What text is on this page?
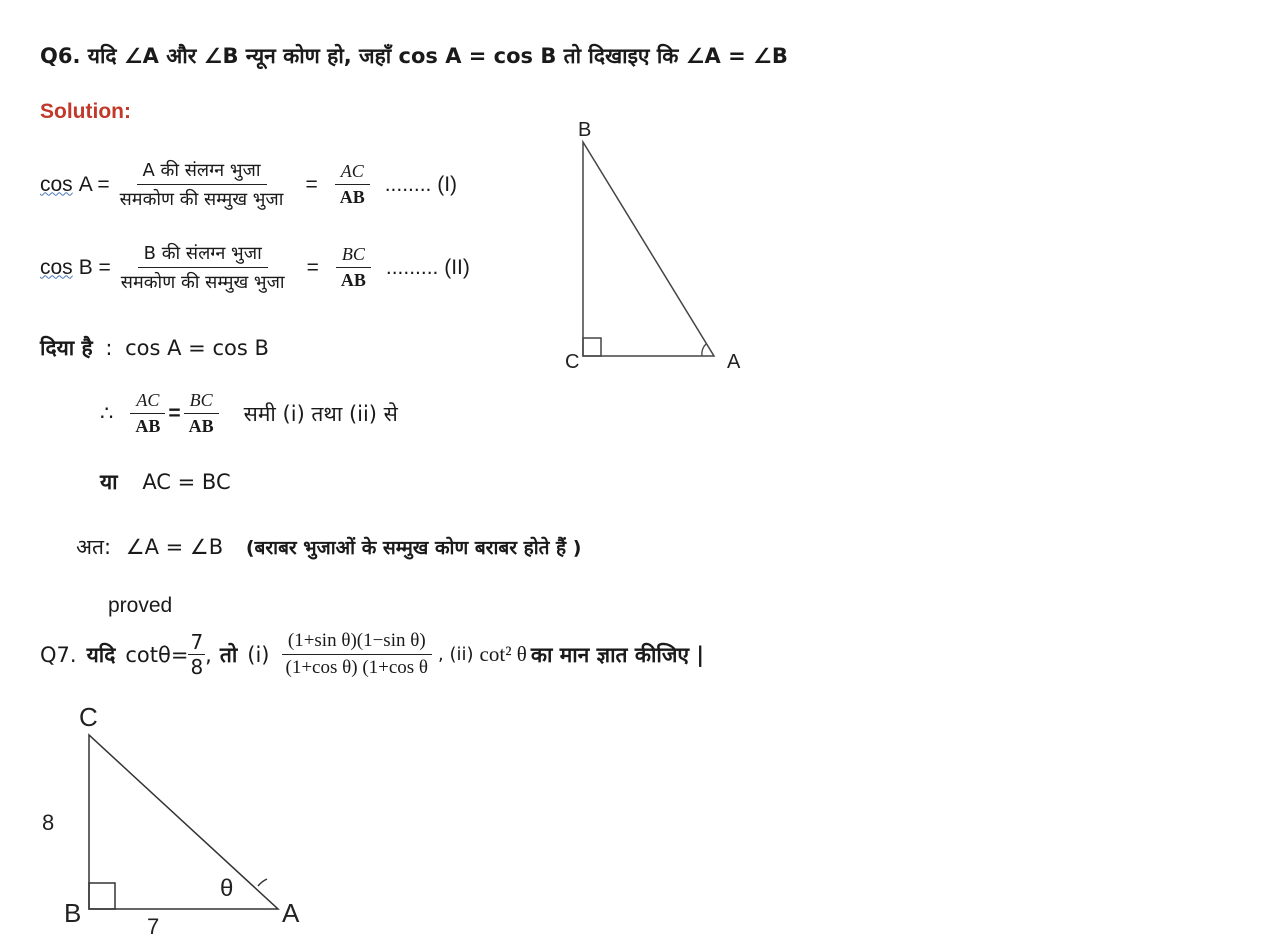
Q6. यदि ∠A और ∠B न्यून कोण हो, जहाँ cos A = cos B तो दिखाइए कि ∠A = ∠B
Solution:
$\cos A = \frac{\text{A की संलग्न भुजा}}{\text{समकोण की सम्मुख भुजा}} = \frac{AC}{AB}$ ........ (I)
$\cos B = \frac{\text{B की संलग्न भुजा}}{\text{समकोण की सम्मुख भुजा}} = \frac{BC}{AB}$ ......... (II)
दिया है : cos A = cos B
∴ $\frac{AC}{AB} = \frac{BC}{AB}$ समी (i) तथा (ii) से
या AC = BC
अत: ∠A = ∠B (बराबर भुजाओं के सम्मुख कोण बराबर होते हैं )
proved
Q7. यदि $\cot\theta= \frac{7}{8}$ , तो $(i) \frac{\text{(1+sin θ)(1−sin θ)}}{\text{(1+cos θ) (1+cos θ}}$ , (ii) cot² θ का मान ज्ञात कीजिए |
B
C	A
C
B	A
8
7
θ
